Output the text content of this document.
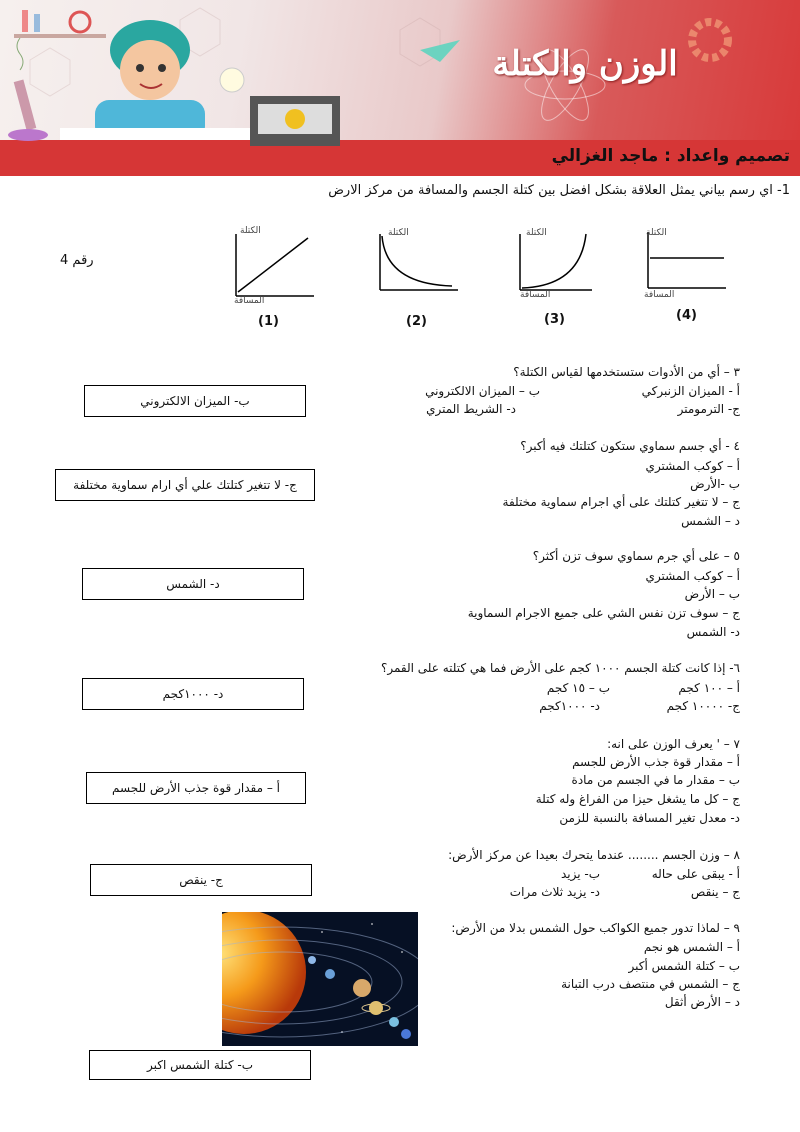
الوزن والكتلة
تصميم واعداد : ماجد الغزالي
1- اي رسم بياني يمثل العلاقة بشكل افضل بين كتلة الجسم والمسافة من مركز الارض
رقم 4
الكتلة
المسافة
(1)
الكتلة
(2)
الكتلة
المسافة
(3)
الكتلة
المسافة
(4)
٣ – أي من الأدوات ستستخدمها لقياس الكتلة؟
أ - الميزان الزنبركي
ب – الميزان الالكتروني
ج- الترمومتر
د- الشريط المتري
ب- الميزان الالكتروني
٤ - أي جسم سماوي ستكون كتلتك فيه أكبر؟
أ – كوكب المشتري
ب -الأرض
ج – لا تتغير كتلتك على أي اجرام سماوية مختلفة
د – الشمس
ج- لا تتغير كتلتك علي أي ارام سماوية مختلفة
٥ – على أي جرم سماوي سوف تزن أكثر؟
أ – كوكب المشتري
ب – الأرض
ج – سوف تزن نفس الشي على جميع الاجرام السماوية
د- الشمس
د- الشمس
٦- إذا كانت كتلة الجسم ١٠٠٠ كجم على الأرض فما هي كتلته على القمر؟
أ – ١٠٠ كجم
ب – ١٥ كجم
ج- ١٠٠٠٠ كجم
د- ١٠٠٠كجم
د- ١٠٠٠كجم
٧ – ' يعرف الوزن على انه:
أ – مقدار قوة جذب الأرض للجسم
ب – مقدار ما في الجسم من مادة
ج – كل ما يشغل حيزا من الفراغ وله كتلة
د- معدل تغير المسافة بالنسبة للزمن
أ – مقدار قوة جذب الأرض للجسم
٨ – وزن الجسم ........ عندما يتحرك بعيدا عن مركز الأرض:
أ - يبقى على حاله
ب- يزيد
ج – ينقص
د- يزيد ثلاث مرات
ج- ينقص
٩ – لماذا تدور جميع الكواكب حول الشمس بدلا من الأرض:
أ – الشمس هو نجم
ب – كتلة الشمس أكبر
ج – الشمس في منتصف درب التبانة
د – الأرض أثقل
ب- كتلة الشمس اكبر
